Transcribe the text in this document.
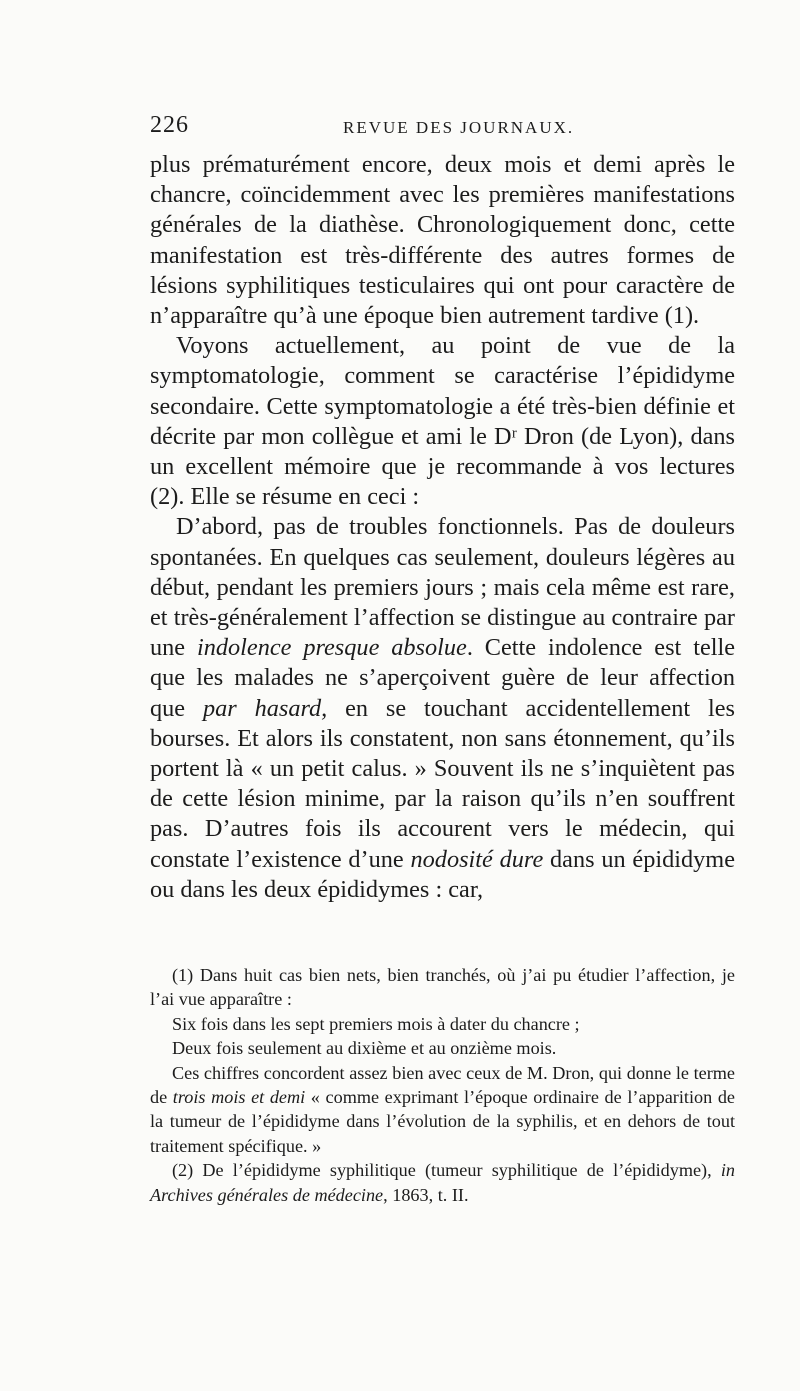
226	REVUE DES JOURNAUX.

plus prématurément encore, deux mois et demi après le chancre, coïncidemment avec les premières manifestations générales de la diathèse. Chronologiquement donc, cette manifestation est très-différente des autres formes de lésions syphilitiques testiculaires qui ont pour caractère de n’apparaître qu’à une époque bien autrement tardive (1).

Voyons actuellement, au point de vue de la symptomatologie, comment se caractérise l’épididyme secondaire. Cette symptomatologie a été très-bien définie et décrite par mon collègue et ami le Dʳ Dron (de Lyon), dans un excellent mémoire que je recommande à vos lectures (2). Elle se résume en ceci :

D’abord, pas de troubles fonctionnels. Pas de douleurs spontanées. En quelques cas seulement, douleurs légères au début, pendant les premiers jours ; mais cela même est rare, et très-généralement l’affection se distingue au contraire par une indolence presque absolue. Cette indolence est telle que les malades ne s’aperçoivent guère de leur affection que par hasard, en se touchant accidentellement les bourses. Et alors ils constatent, non sans étonnement, qu’ils portent là « un petit calus. » Souvent ils ne s’inquiètent pas de cette lésion minime, par la raison qu’ils n’en souffrent pas. D’autres fois ils accourent vers le médecin, qui constate l’existence d’une nodosité dure dans un épididyme ou dans les deux épididymes : car,

(1) Dans huit cas bien nets, bien tranchés, où j’ai pu étudier l’affection, je l’ai vue apparaître :

Six fois dans les sept premiers mois à dater du chancre ;

Deux fois seulement au dixième et au onzième mois.

Ces chiffres concordent assez bien avec ceux de M. Dron, qui donne le terme de trois mois et demi « comme exprimant l’époque ordinaire de l’apparition de la tumeur de l’épididyme dans l’évolution de la syphilis, et en dehors de tout traitement spécifique. »

(2) De l’épididyme syphilitique (tumeur syphilitique de l’épididyme), in Archives générales de médecine, 1863, t. II.
